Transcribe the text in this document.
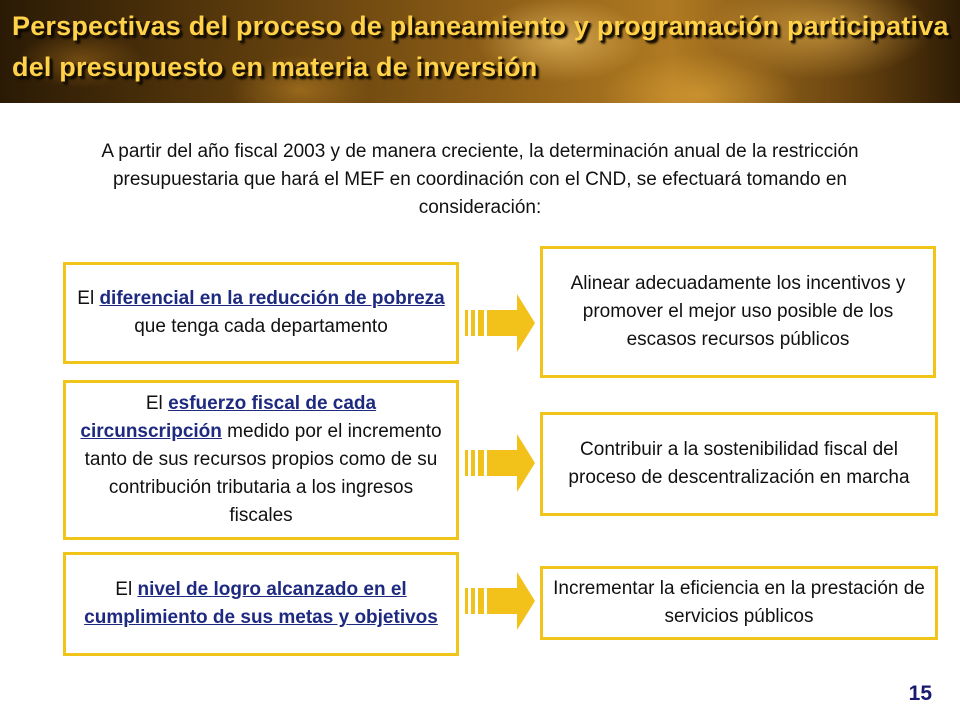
Perspectivas del proceso de planeamiento y programación participativa del presupuesto en materia de inversión
A partir del año fiscal 2003 y de manera creciente, la determinación anual de la restricción presupuestaria que hará el MEF en coordinación con el CND, se efectuará tomando en consideración:
El diferencial en la reducción de pobreza que tenga cada departamento
El esfuerzo fiscal de cada circunscripción medido por el incremento tanto de sus recursos propios como de su contribución tributaria a los ingresos fiscales
El nivel de logro alcanzado en el cumplimiento de sus metas y objetivos
Alinear adecuadamente los incentivos y promover el mejor uso posible de los escasos recursos públicos
Contribuir a la sostenibilidad fiscal del proceso de descentralización en marcha
Incrementar la eficiencia en la prestación de servicios públicos
15
